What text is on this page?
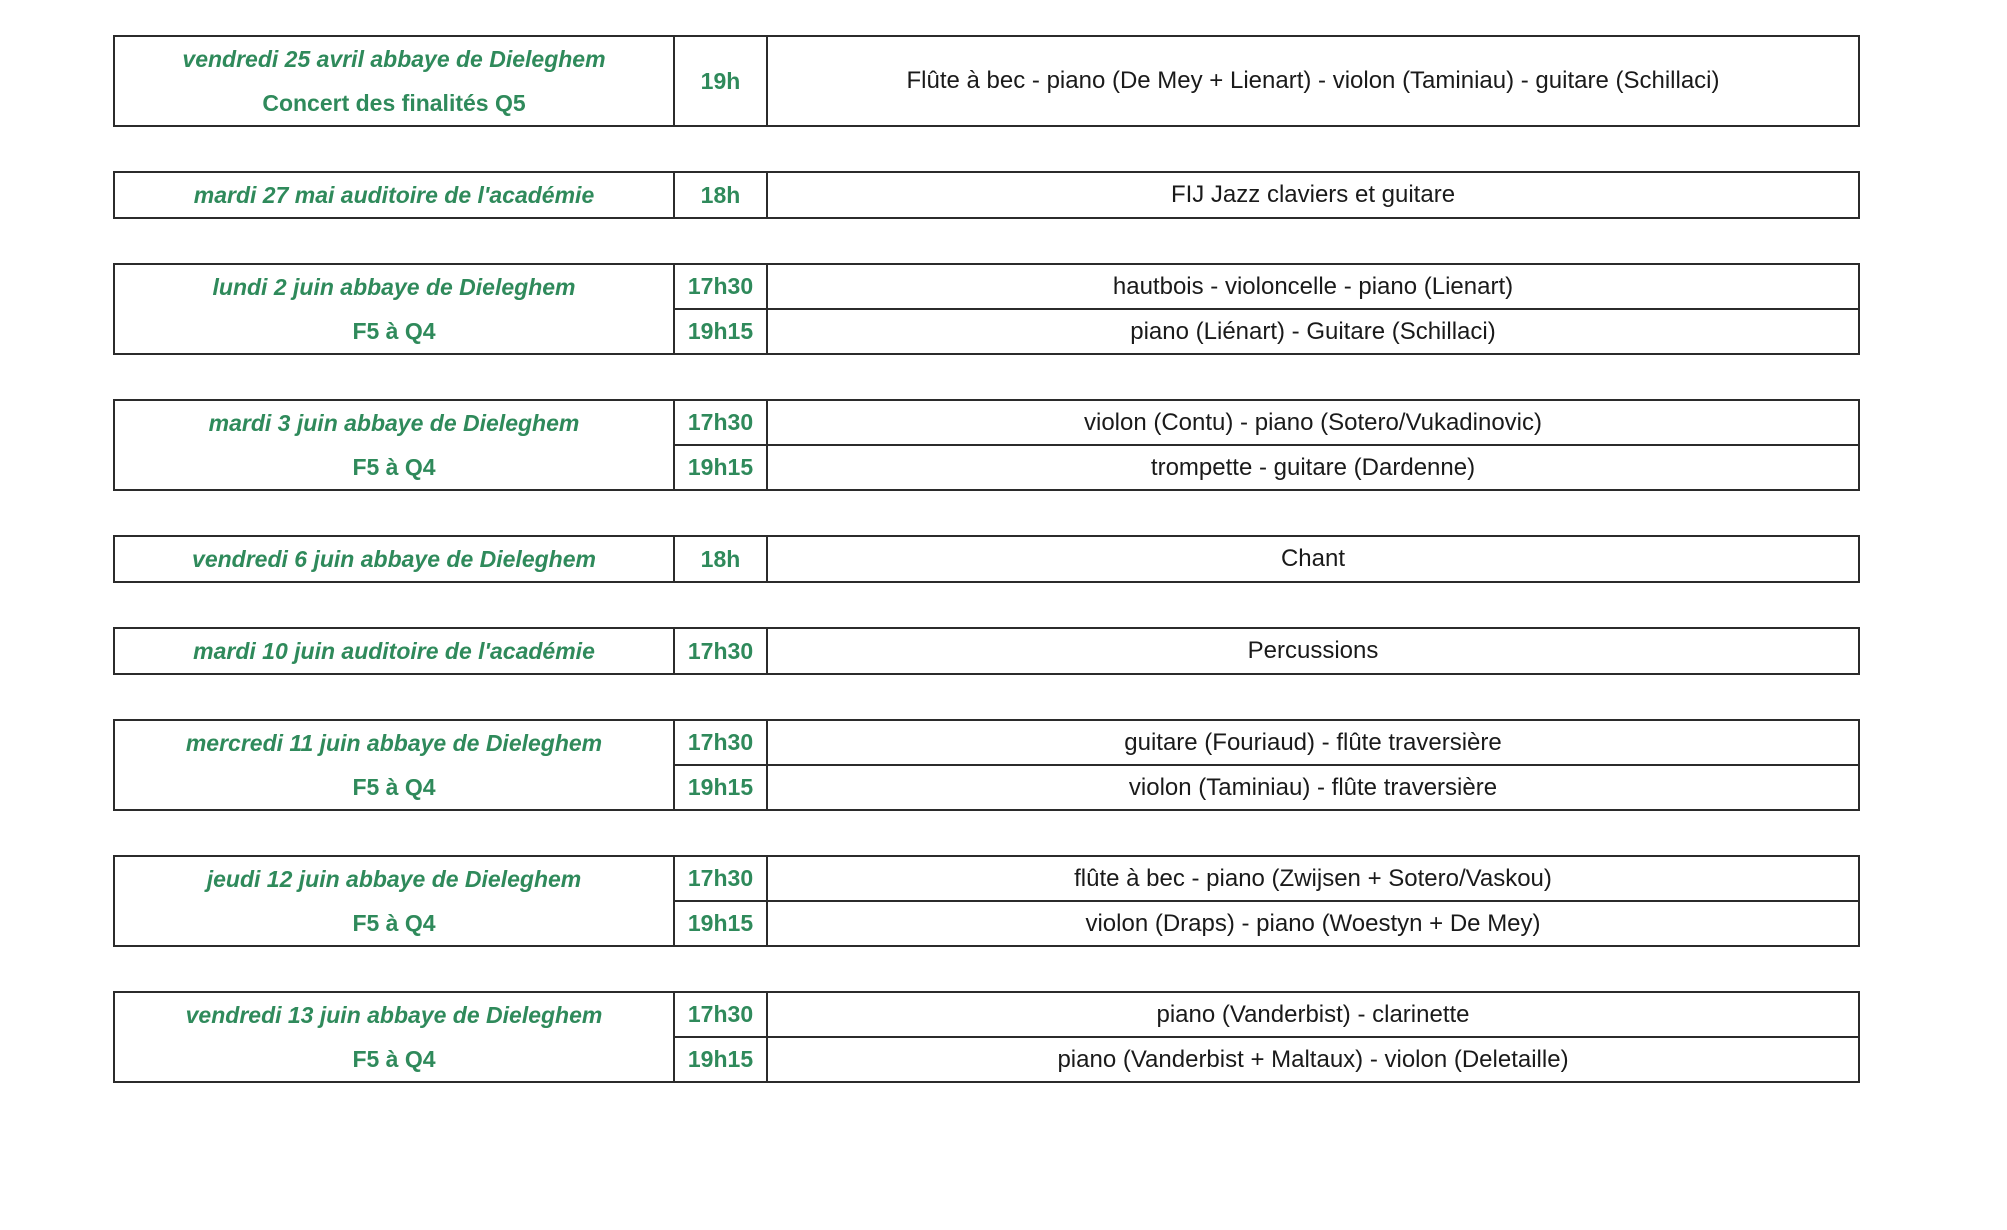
vendredi 25 avril abbaye de Dieleghem
Concert des finalités Q5
	19h	Flûte à bec - piano (De Mey + Lienart) - violon (Taminiau) - guitare (Schillaci)
mardi 27 mai auditoire de l'académie	18h	FIJ Jazz claviers et guitare
lundi 2 juin abbaye de Dieleghem
F5 à Q4	17h30	hautbois - violoncelle - piano (Lienart)
	19h15	piano (Liénart) - Guitare (Schillaci)
mardi 3 juin abbaye de Dieleghem
F5 à Q4	17h30	violon (Contu) - piano (Sotero/Vukadinovic)
	19h15	trompette - guitare (Dardenne)
vendredi 6 juin abbaye de Dieleghem	18h	Chant
mardi 10 juin auditoire de l'académie	17h30	Percussions
mercredi 11 juin abbaye de Dieleghem
F5 à Q4	17h30	guitare (Fouriaud) - flûte traversière
	19h15	violon (Taminiau) - flûte traversière
jeudi 12 juin abbaye de Dieleghem
F5 à Q4	17h30	flûte à bec - piano (Zwijsen + Sotero/Vaskou)
	19h15	violon (Draps) - piano (Woestyn + De Mey)
vendredi 13 juin abbaye de Dieleghem
F5 à Q4	17h30	piano (Vanderbist) - clarinette
	19h15	piano (Vanderbist + Maltaux) - violon (Deletaille)
